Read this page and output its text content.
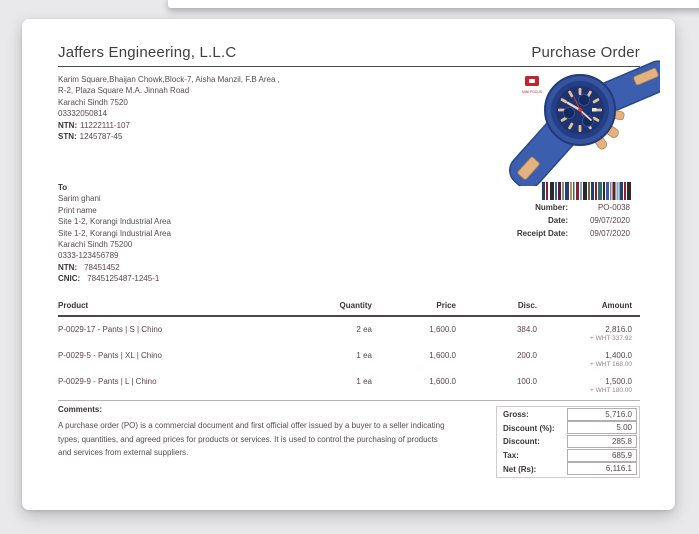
Jaffers Engineering, L.L.C	Purchase Order
Karim Square,Bhaijan Chowk,Block-7, Aisha Manzil, F.B Area ,
R-2, Plaza Square M.A. Jinnah Road
Karachi Sindh 7520
03332050814
NTN: 11222111-107
STN: 1245787-45
To
Sarim ghani
Print name
Site 1-2, Korangi Industrial Area
Site 1-2, Korangi Industrial Area
Karachi Sindh 75200
0333-123456789
NTN: 78451452
CNIC: 7845125487-1245-1
MINI FOCUS
Number:	PO-0038
Date:	09/07/2020
Receipt Date:	09/07/2020
Product	Quantity	Price	Disc.	Amount
P-0029-17 - Pants | S | Chino	2 ea	1,600.0	384.0	2,816.0
+ WHT 337.92

P-0029-5 - Pants | XL | Chino	1 ea	1,600.0	200.0	1,400.0
+ WHT 168.00

P-0029-9 - Pants | L | Chino	1 ea	1,600.0	100.0	1,500.0
+ WHT 180.00
Comments:
A purchase order (PO) is a commercial document and first official offer issued by a buyer to a seller indicating
types, quantities, and agreed prices for products or services. It is used to control the purchasing of products
and services from external suppliers.
Gross:	5,716.0
Discount (%):	5.00
Discount:	285.8
Tax:	685.9
Net (Rs):	6,116.1
